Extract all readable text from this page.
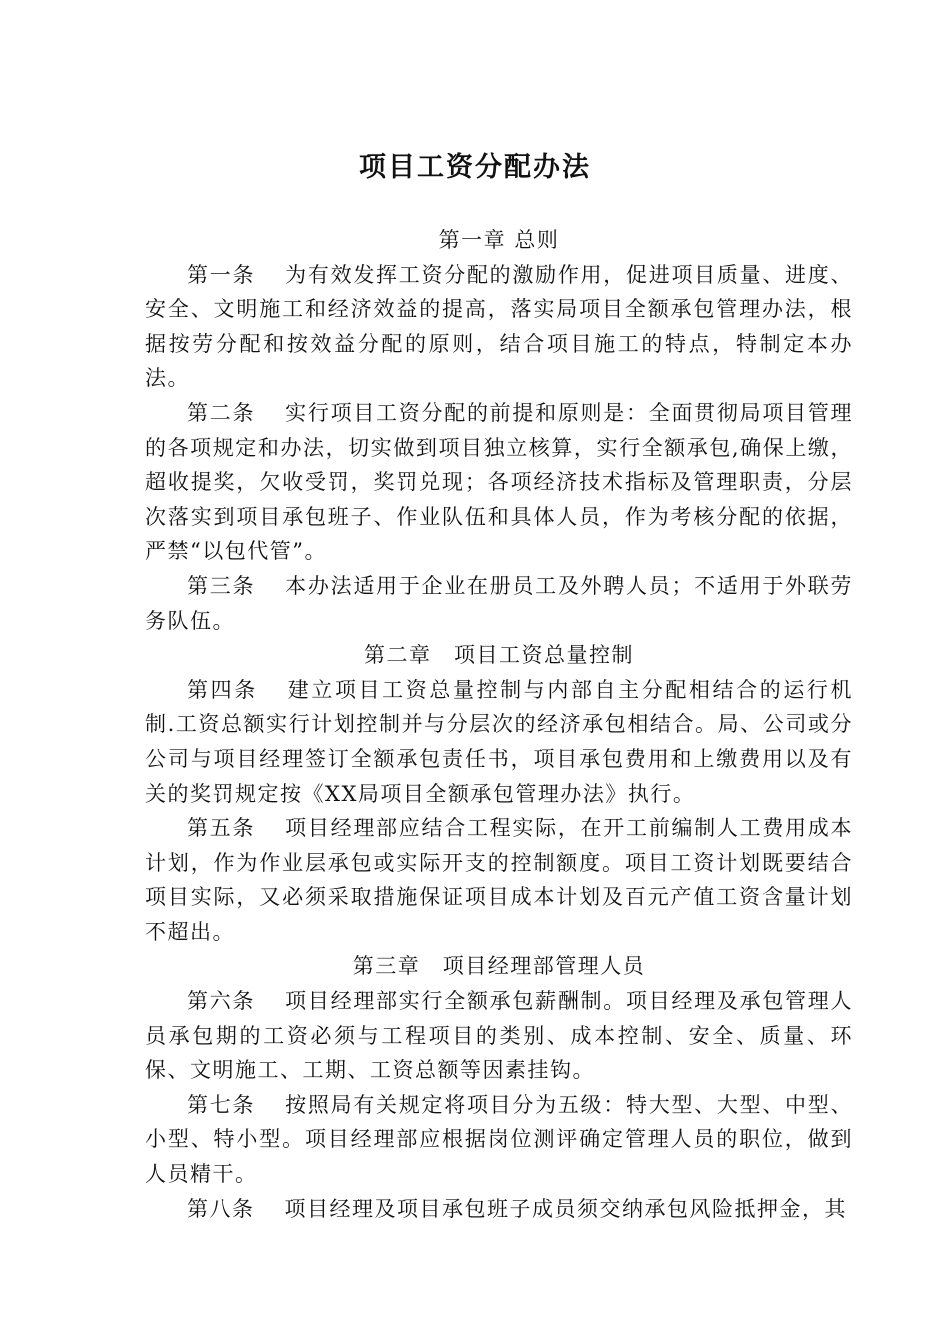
项目工资分配办法

第一章 总则

第一条 为有效发挥工资分配的激励作用，促进项目质量、进度、安全、文明施工和经济效益的提高，落实局项目全额承包管理办法，根据按劳分配和按效益分配的原则，结合项目施工的特点，特制定本办法。

第二条 实行项目工资分配的前提和原则是：全面贯彻局项目管理的各项规定和办法，切实做到项目独立核算，实行全额承包,确保上缴，超收提奖，欠收受罚，奖罚兑现；各项经济技术指标及管理职责，分层次落实到项目承包班子、作业队伍和具体人员，作为考核分配的依据，严禁“以包代管”。

第三条 本办法适用于企业在册员工及外聘人员；不适用于外联劳务队伍。

第二章　项目工资总量控制

第四条 建立项目工资总量控制与内部自主分配相结合的运行机制.工资总额实行计划控制并与分层次的经济承包相结合。局、公司或分公司与项目经理签订全额承包责任书，项目承包费用和上缴费用以及有关的奖罚规定按《XX局项目全额承包管理办法》执行。

第五条 项目经理部应结合工程实际，在开工前编制人工费用成本计划，作为作业层承包或实际开支的控制额度。项目工资计划既要结合项目实际，又必须采取措施保证项目成本计划及百元产值工资含量计划不超出。

第三章　项目经理部管理人员

第六条 项目经理部实行全额承包薪酬制。项目经理及承包管理人员承包期的工资必须与工程项目的类别、成本控制、安全、质量、环保、文明施工、工期、工资总额等因素挂钩。

第七条 按照局有关规定将项目分为五级：特大型、大型、中型、小型、特小型。项目经理部应根据岗位测评确定管理人员的职位，做到人员精干。

第八条 项目经理及项目承包班子成员须交纳承包风险抵押金，其
